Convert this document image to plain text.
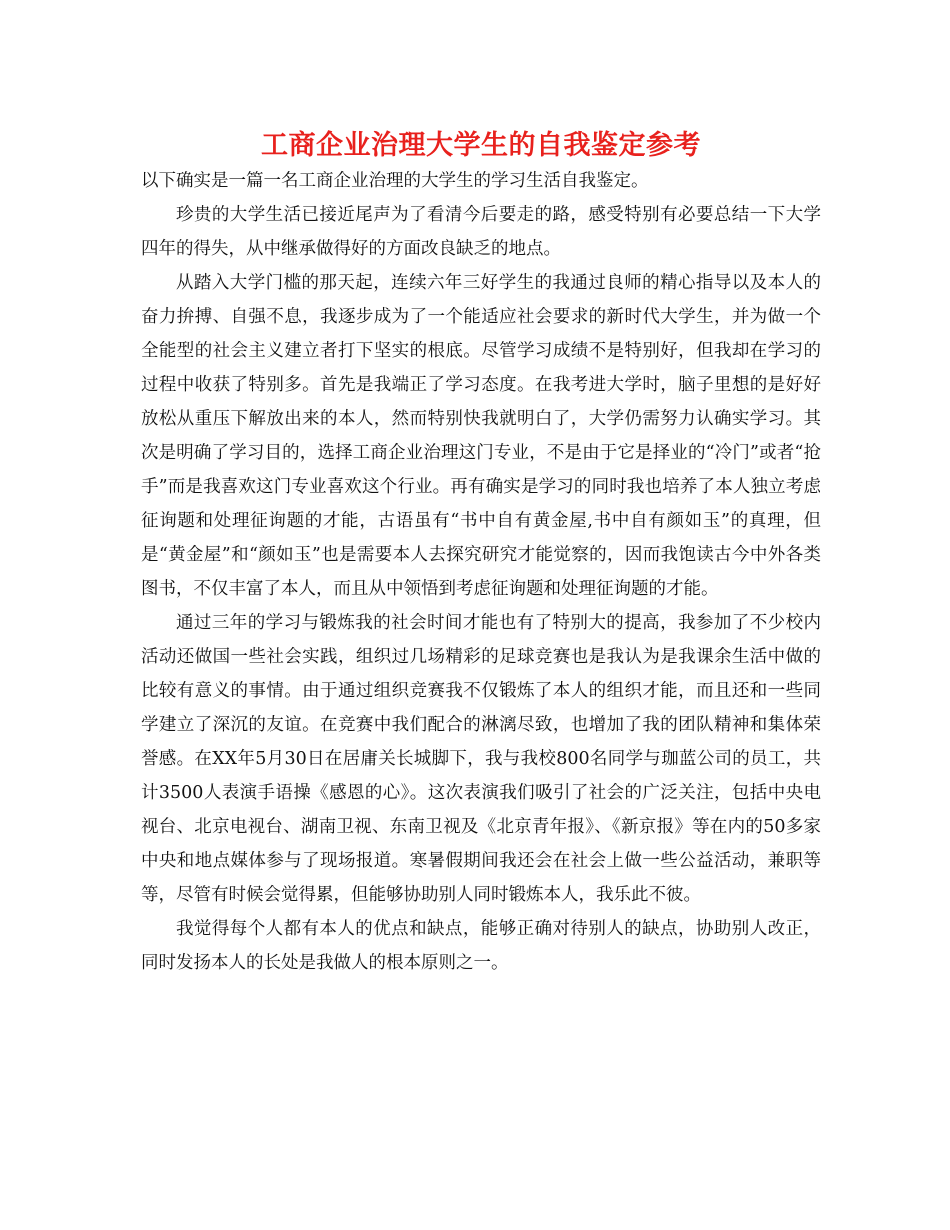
工商企业治理大学生的自我鉴定参考

以下确实是一篇一名工商企业治理的大学生的学习生活自我鉴定。

珍贵的大学生活已接近尾声为了看清今后要走的路，感受特别有必要总结一下大学四年的得失，从中继承做得好的方面改良缺乏的地点。

从踏入大学门槛的那天起，连续六年三好学生的我通过良师的精心指导以及本人的奋力拚搏、自强不息，我逐步成为了一个能适应社会要求的新时代大学生，并为做一个全能型的社会主义建立者打下坚实的根底。尽管学习成绩不是特别好，但我却在学习的过程中收获了特别多。首先是我端正了学习态度。在我考进大学时，脑子里想的是好好放松从重压下解放出来的本人，然而特别快我就明白了，大学仍需努力认确实学习。其次是明确了学习目的，选择工商企业治理这门专业，不是由于它是择业的“冷门”或者“抢手”而是我喜欢这门专业喜欢这个行业。再有确实是学习的同时我也培养了本人独立考虑征询题和处理征询题的才能，古语虽有“书中自有黄金屋,书中自有颜如玉”的真理，但是“黄金屋”和“颜如玉”也是需要本人去探究研究才能觉察的，因而我饱读古今中外各类图书，不仅丰富了本人，而且从中领悟到考虑征询题和处理征询题的才能。

通过三年的学习与锻炼我的社会时间才能也有了特别大的提高，我参加了不少校内活动还做国一些社会实践，组织过几场精彩的足球竞赛也是我认为是我课余生活中做的比较有意义的事情。由于通过组织竞赛我不仅锻炼了本人的组织才能，而且还和一些同学建立了深沉的友谊。在竞赛中我们配合的淋漓尽致，也增加了我的团队精神和集体荣誉感。在XX年5月30日在居庸关长城脚下，我与我校800名同学与珈蓝公司的员工，共计3500人表演手语操《感恩的心》。这次表演我们吸引了社会的广泛关注，包括中央电视台、北京电视台、湖南卫视、东南卫视及《北京青年报》、《新京报》等在内的50多家中央和地点媒体参与了现场报道。寒暑假期间我还会在社会上做一些公益活动，兼职等等，尽管有时候会觉得累，但能够协助别人同时锻炼本人，我乐此不彼。

我觉得每个人都有本人的优点和缺点，能够正确对待别人的缺点，协助别人改正，同时发扬本人的长处是我做人的根本原则之一。
